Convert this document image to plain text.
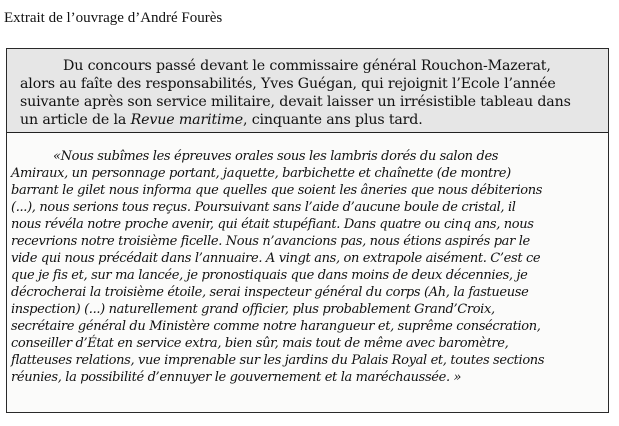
Extrait de l’ouvrage d’André Fourès
Du concours passé devant le commissaire général Rouchon-Mazerat,
alors au faîte des responsabilités, Yves Guégan, qui rejoignit l’Ecole l’année
suivante après son service militaire, devait laisser un irrésistible tableau dans
un article de la Revue maritime, cinquante ans plus tard.
«Nous subîmes les épreuves orales sous les lambris dorés du salon des
Amiraux, un personnage portant, jaquette, barbichette et chaînette (de montre)
barrant le gilet nous informa que quelles que soient les âneries que nous débiterions
(...), nous serions tous reçus. Poursuivant sans l’aide d’aucune boule de cristal, il
nous révéla notre proche avenir, qui était stupéfiant. Dans quatre ou cinq ans, nous
recevrions notre troisième ficelle. Nous n’avancions pas, nous étions aspirés par le
vide qui nous précédait dans l’annuaire. A vingt ans, on extrapole aisément. C’est ce
que je fis et, sur ma lancée, je pronostiquais que dans moins de deux décennies, je
décrocherai la troisième étoile, serai inspecteur général du corps (Ah, la fastueuse
inspection) (...) naturellement grand officier, plus probablement Grand’Croix,
secrétaire général du Ministère comme notre harangueur et, suprême consécration,
conseiller d’État en service extra, bien sûr, mais tout de même avec baromètre,
flatteuses relations, vue imprenable sur les jardins du Palais Royal et, toutes sections
réunies, la possibilité d’ennuyer le gouvernement et la maréchaussée. »
